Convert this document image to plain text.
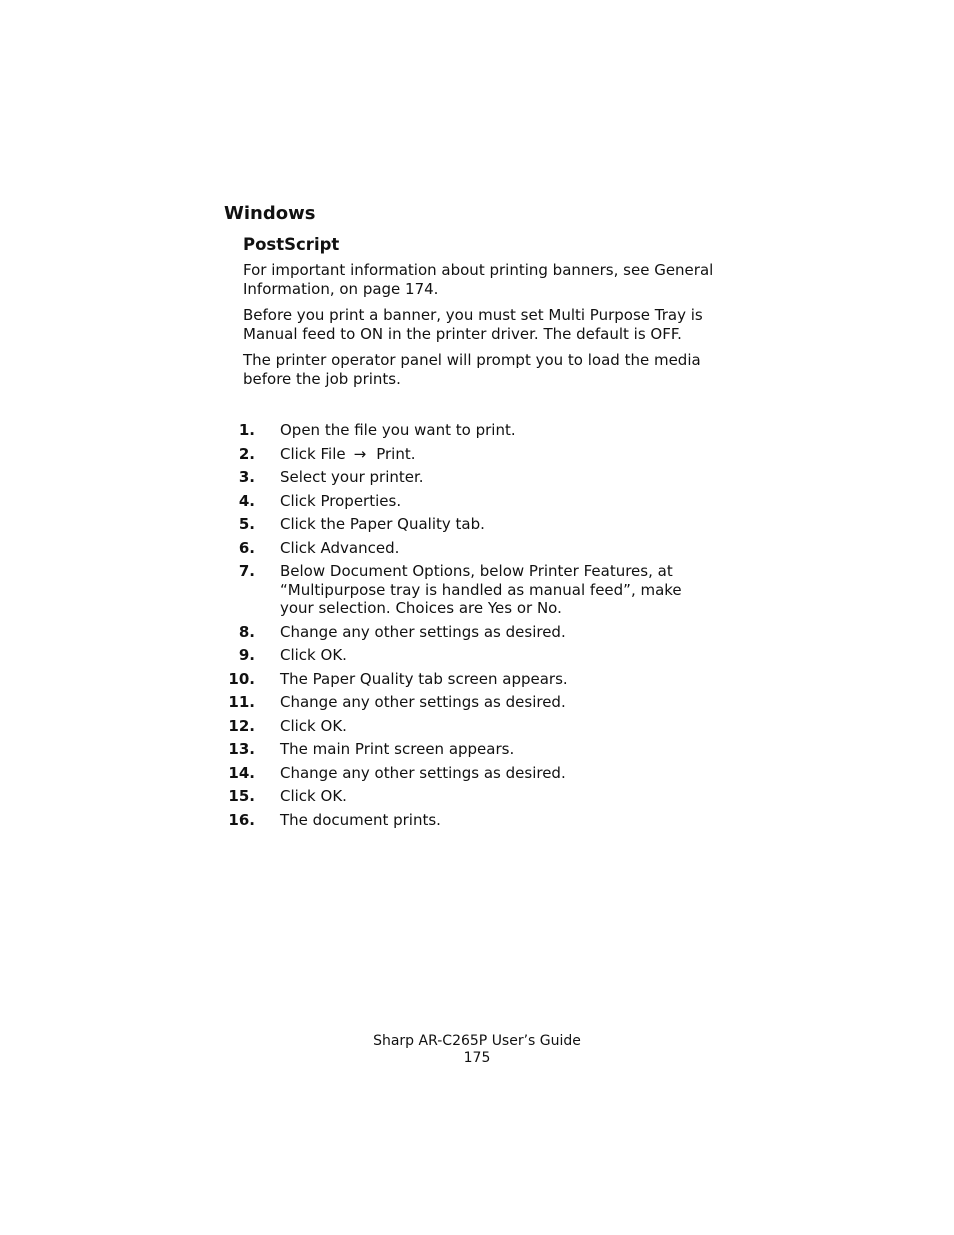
Windows
PostScript

For important information about printing banners, see General Information, on page 174.

Before you print a banner, you must set Multi Purpose Tray is Manual feed to ON in the printer driver. The default is OFF.

The printer operator panel will prompt you to load the media before the job prints.

1. Open the file you want to print.
2. Click File → Print.
3. Select your printer.
4. Click Properties.
5. Click the Paper Quality tab.
6. Click Advanced.
7. Below Document Options, below Printer Features, at “Multipurpose tray is handled as manual feed”, make your selection. Choices are Yes or No.
8. Change any other settings as desired.
9. Click OK.
10. The Paper Quality tab screen appears.
11. Change any other settings as desired.
12. Click OK.
13. The main Print screen appears.
14. Change any other settings as desired.
15. Click OK.
16. The document prints.
Sharp AR-C265P User’s Guide
175
